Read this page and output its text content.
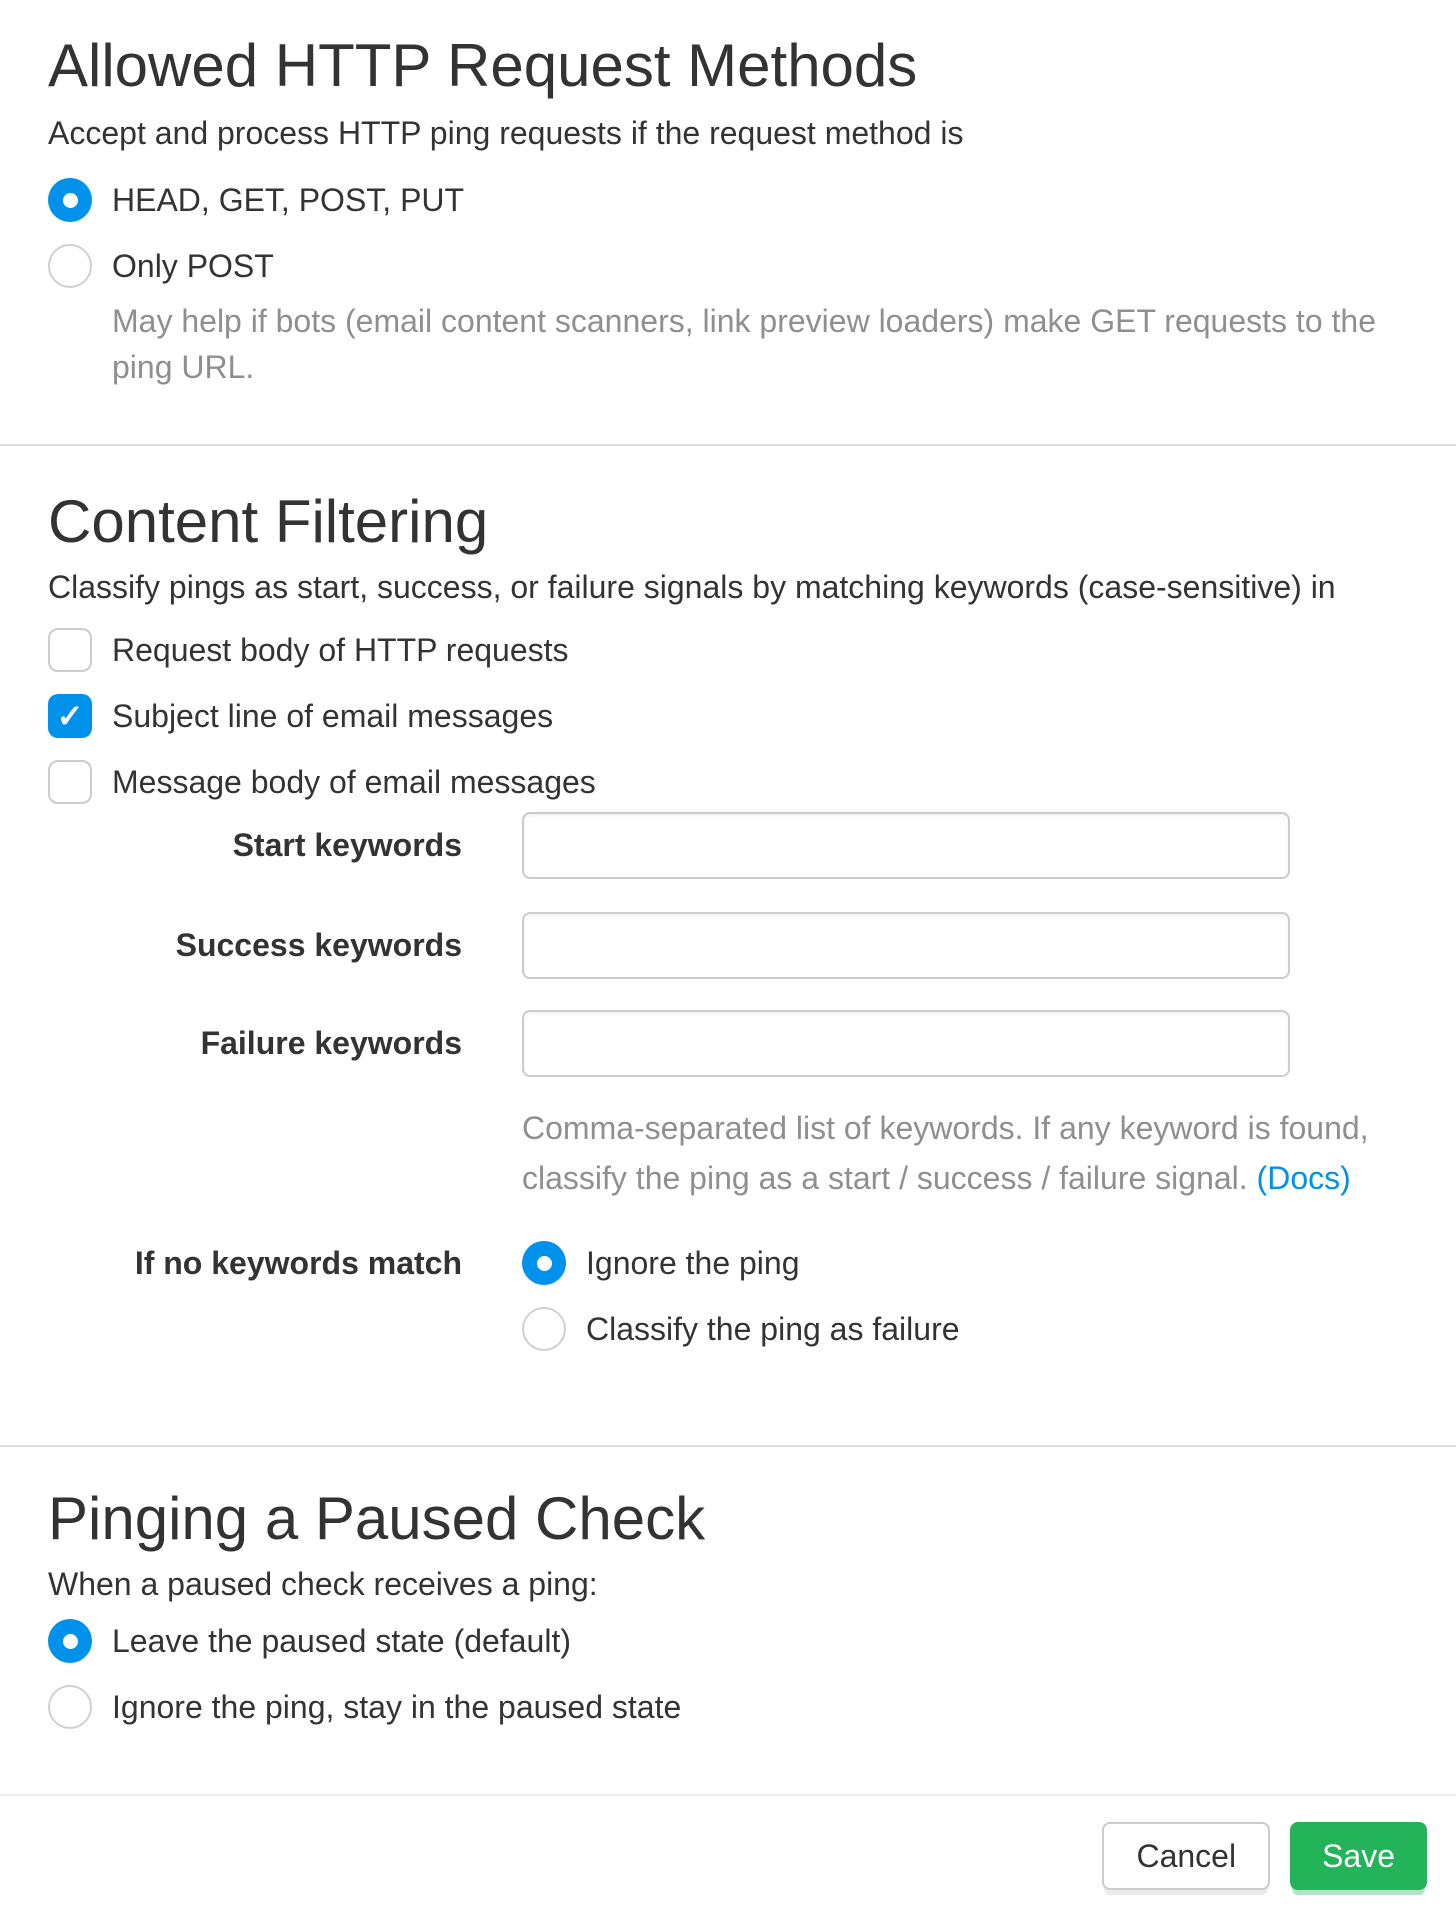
Allowed HTTP Request Methods

Accept and process HTTP ping requests if the request method is

HEAD, GET, POST, PUT
Only POST

May help if bots (email content scanners, link preview loaders) make GET requests to the ping URL.

Content Filtering

Classify pings as start, success, or failure signals by matching keywords (case-sensitive) in

Request body of HTTP requests
✓ Subject line of email messages
Message body of email messages
Start keywords
Success keywords
Failure keywords

Comma-separated list of keywords. If any keyword is found,
classify the ping as a start / success / failure signal. (Docs)

If no keywords match	Ignore the ping
Classify the ping as failure
Pinging a Paused Check

When a paused check receives a ping:

Leave the paused state (default)
Ignore the ping, stay in the paused state
Cancel	Save
